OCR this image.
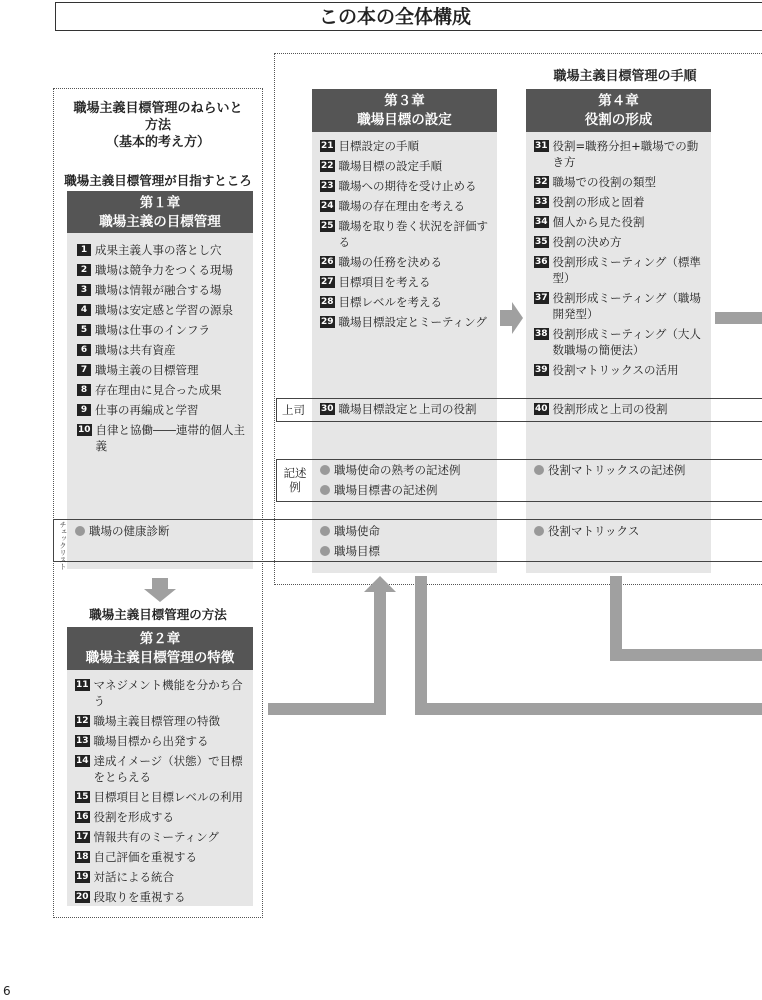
この本の全体構成
職場主義目標管理の手順
職場主義目標管理のねらいと
方法
（基本的考え方）
職場主義目標管理が目指すところ
第１章
職場主義の目標管理
1 成果主義人事の落とし穴
2 職場は競争力をつくる現場
3 職場は情報が融合する場
4 職場は安定感と学習の源泉
5 職場は仕事のインフラ
6 職場は共有資産
7 職場主義の目標管理
8 存在理由に見合った成果
9 仕事の再編成と学習
10 自律と協働――連帯的個人主義
第３章
職場目標の設定
21 目標設定の手順
22 職場目標の設定手順
23 職場への期待を受け止める
24 職場の存在理由を考える
25 職場を取り巻く状況を評価する
26 職場の任務を決める
27 目標項目を考える
28 目標レベルを考える
29 職場目標設定とミーティング
第４章
役割の形成
31 役割=職務分担+職場での動き方
32 職場での役割の類型
33 役割の形成と固着
34 個人から見た役割
35 役割の決め方
36 役割形成ミーティング（標準型）
37 役割形成ミーティング（職場開発型）
38 役割形成ミーティング（大人数職場の簡便法）
39 役割マトリックスの活用
上司 30 職場目標設定と上司の役割	40 役割形成と上司の役割
記述例
職場使命の熟考の記述例
職場目標書の記述例
役割マトリックスの記述例
チェックリスト	職場の健康診断	職場使命
職場目標
役割マトリックス
職場主義目標管理の方法
第２章
職場主義目標管理の特徴
11 マネジメント機能を分かち合う
12 職場主義目標管理の特徴
13 職場目標から出発する
14 達成イメージ（状態）で目標をとらえる
15 目標項目と目標レベルの利用
16 役割を形成する
17 情報共有のミーティング
18 自己評価を重視する
19 対話による統合
20 段取りを重視する
6
